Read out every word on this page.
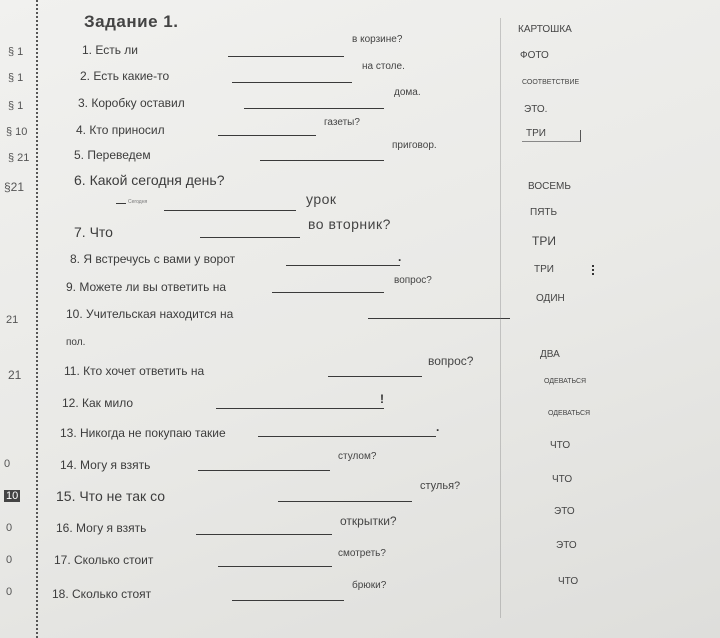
Задание 1.
§ 1
§ 1
§ 1
§ 10
§ 21
§21
21
21
0
10
0
0
0
1. Есть ли
в корзине?
КАРТОШКА
2. Есть какие-то
на столе.
ФОТО
3. Коробку оставил
дома.
СООТВЕТСТВИЕ
4. Кто приносил
газеты?
ЭТО.
5. Переведем
приговор.
ТРИ
6. Какой сегодня день?
Сегодня	урок
ВОСЕМЬ
7. Что	во вторник?
ПЯТЬ
8. Я встречусь с вами у ворот	.
ТРИ
9. Можете ли вы ответить на	вопрос?
ТРИ
10. Учительская находится на
пол.
ОДИН
11. Кто хочет ответить на
вопрос?	ДВА
12. Как мило	!
ОДЕВАТЬСЯ
13. Никогда не покупаю такие	.
ОДЕВАТЬСЯ
14. Могу я взять
стулом?
ЧТО
15. Что не так со
стулья?
ЧТО
16. Могу я взять	открытки?
ЭТО
17. Сколько стоит	смотреть?
ЭТО
18. Сколько стоят
брюки?	ЧТО
